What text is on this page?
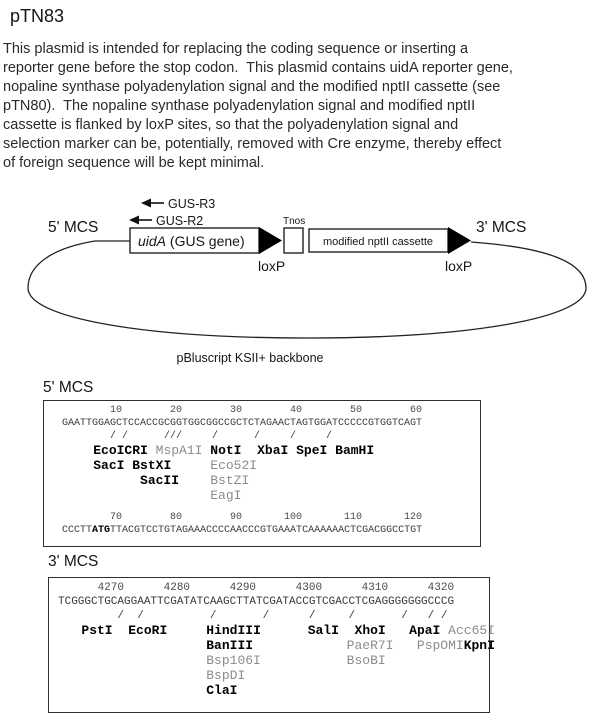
pTN83
This plasmid is intended for replacing the coding sequence or inserting a
reporter gene before the stop codon.  This plasmid contains uidA reporter gene,
nopaline synthase polyadenylation signal and the modified nptII cassette (see
pTN80).  The nopaline synthase polyadenylation signal and modified nptII
cassette is flanked by loxP sites, so that the polyadenylation signal and
selection marker can be, potentially, removed with Cre enzyme, thereby effect
of foreign sequence will be kept minimal.
5' MCS	3' MCS
GUS-R3
GUS-R2
uidA (GUS gene)
loxP
Tnos
modified nptII cassette
loxP
pBluscript KSII+ backbone
5' MCS
10        20        30        40        50        60
GAATTGGAGCTCCACCGCGGTGGCGGCCGCTCTAGAACTAGTGGATCCCCCGTGGTCAGT
/ /      ///     /      /     /     /
EcoICRI MspA1I NotI XbaI SpeI BamHI
SacI BstXI	Eco52I
SacII BstZI
EagI
70        80        90       100       110       120
CCCTTATGTTACGTCCTGTAGAAACCCCAACCCGTGAAATCAAAAAACTCGACGGCCTGT
3' MCS
4270      4280      4290      4300      4310      4320
TCGGGCTGCAGGAATTCGATATCAAGCTTATCGATACCGTCGACCTCGAGGGGGGGCCCG
/  /          /       /      /     /       /   / /
PstI EcoRI	HindIII	SalI XhoI ApaI Acc65I
BanIII	PaeR7I PspOMIKpnI
Bsp106I	BsoBI
BspDI
ClaI
